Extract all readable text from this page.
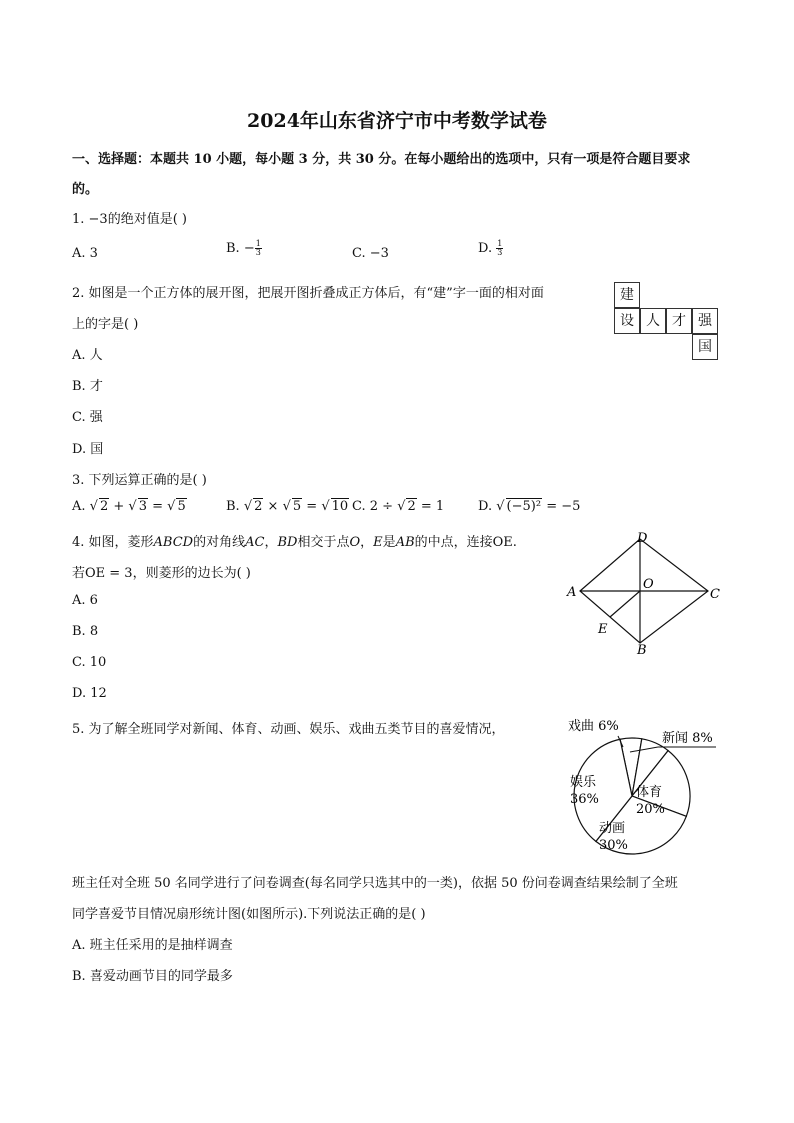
2024年山东省济宁市中考数学试卷
一、选择题：本题共 10 小题，每小题 3 分，共 30 分。在每小题给出的选项中，只有一项是符合题目要求
的。
1. −3的绝对值是( )
A. 3	B. − $\frac{1}{3}$	C. −3	D. $\frac{1}{3}$
2. 如图是一个正方体的展开图，把展开图折叠成正方体后，有“建”字一面的相对面
上的字是( )
A. 人
B. 才
C. 强
D. 国
建
设 人 才 强
国
3. 下列运算正确的是( )
A. √ 2 + √ 3 = √ 5	B. √ 2 × √ 5 = √ 10 C. 2 ÷ √ 2 = 1	D. √ (−5)² = −5
4. 如图，菱形ABCD的对角线AC，BD相交于点O，E是AB的中点，连接OE.
若OE = 3，则菱形的边长为( )
A. 6
B. 8
C. 10
D. 12
A
B
C
D
O
E
5. 为了解全班同学对新闻、体育、动画、娱乐、戏曲五类节目的喜爱情况，	戏曲 6%
新闻 8%
体育
20%
动画
30%
娱乐
36%
班主任对全班 50 名同学进行了问卷调查(每名同学只选其中的一类)，依据 50 份问卷调查结果绘制了全班
同学喜爱节目情况扇形统计图(如图所示).下列说法正确的是( )
A. 班主任采用的是抽样调查
B. 喜爱动画节目的同学最多
